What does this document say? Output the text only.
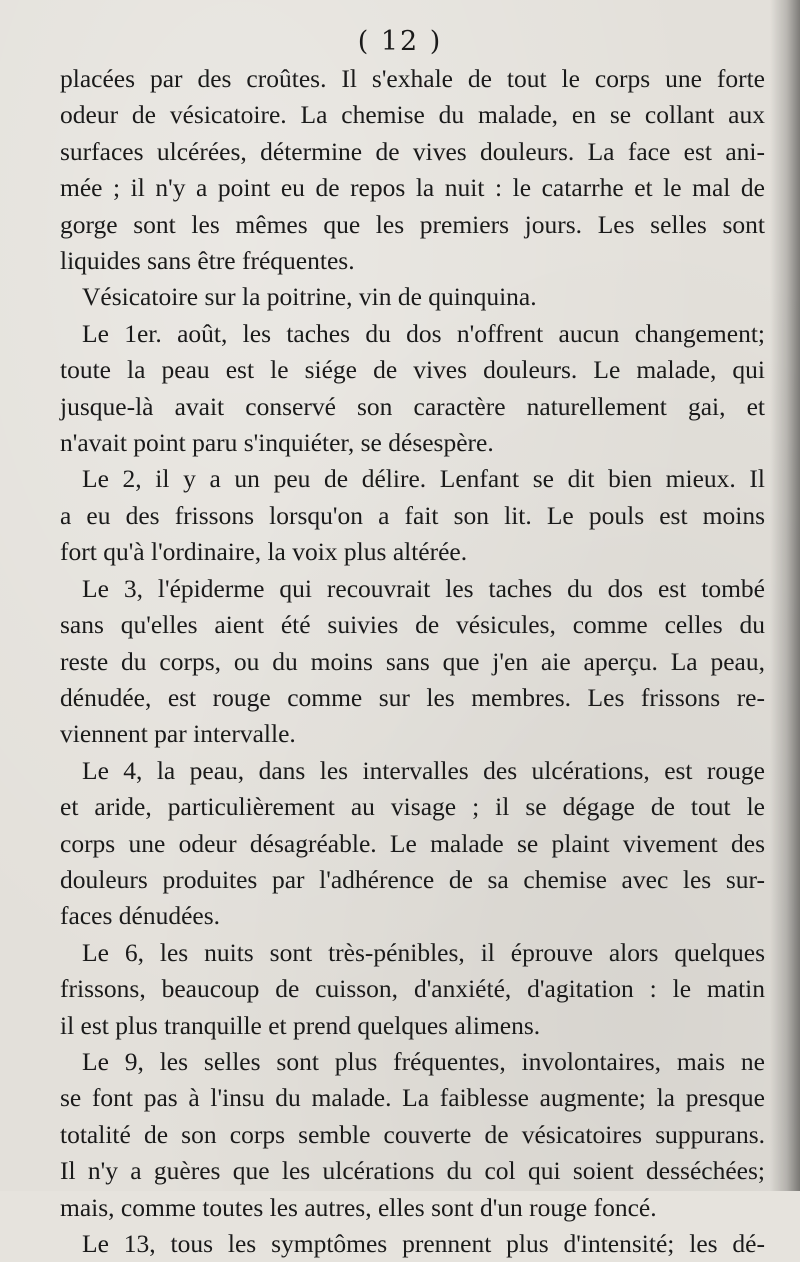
( 12 )
placées par des croûtes. Il s'exhale de tout le corps une forte
odeur de vésicatoire. La chemise du malade, en se collant aux
surfaces ulcérées, détermine de vives douleurs. La face est ani-
mée ; il n'y a point eu de repos la nuit : le catarrhe et le mal de
gorge sont les mêmes que les premiers jours. Les selles sont
liquides sans être fréquentes.
Vésicatoire sur la poitrine, vin de quinquina.
Le 1er. août, les taches du dos n'offrent aucun changement;
toute la peau est le siége de vives douleurs. Le malade, qui
jusque-là avait conservé son caractère naturellement gai, et
n'avait point paru s'inquiéter, se désespère.
Le 2, il y a un peu de délire. Lenfant se dit bien mieux. Il
a eu des frissons lorsqu'on a fait son lit. Le pouls est moins
fort qu'à l'ordinaire, la voix plus altérée.
Le 3, l'épiderme qui recouvrait les taches du dos est tombé
sans qu'elles aient été suivies de vésicules, comme celles du
reste du corps, ou du moins sans que j'en aie aperçu. La peau,
dénudée, est rouge comme sur les membres. Les frissons re-
viennent par intervalle.
Le 4, la peau, dans les intervalles des ulcérations, est rouge
et aride, particulièrement au visage ; il se dégage de tout le
corps une odeur désagréable. Le malade se plaint vivement des
douleurs produites par l'adhérence de sa chemise avec les sur-
faces dénudées.
Le 6, les nuits sont très-pénibles, il éprouve alors quelques
frissons, beaucoup de cuisson, d'anxiété, d'agitation : le matin
il est plus tranquille et prend quelques alimens.
Le 9, les selles sont plus fréquentes, involontaires, mais ne
se font pas à l'insu du malade. La faiblesse augmente; la presque
totalité de son corps semble couverte de vésicatoires suppurans.
Il n'y a guères que les ulcérations du col qui soient desséchées;
mais, comme toutes les autres, elles sont d'un rouge foncé.
Le 13, tous les symptômes prennent plus d'intensité; les dé-
